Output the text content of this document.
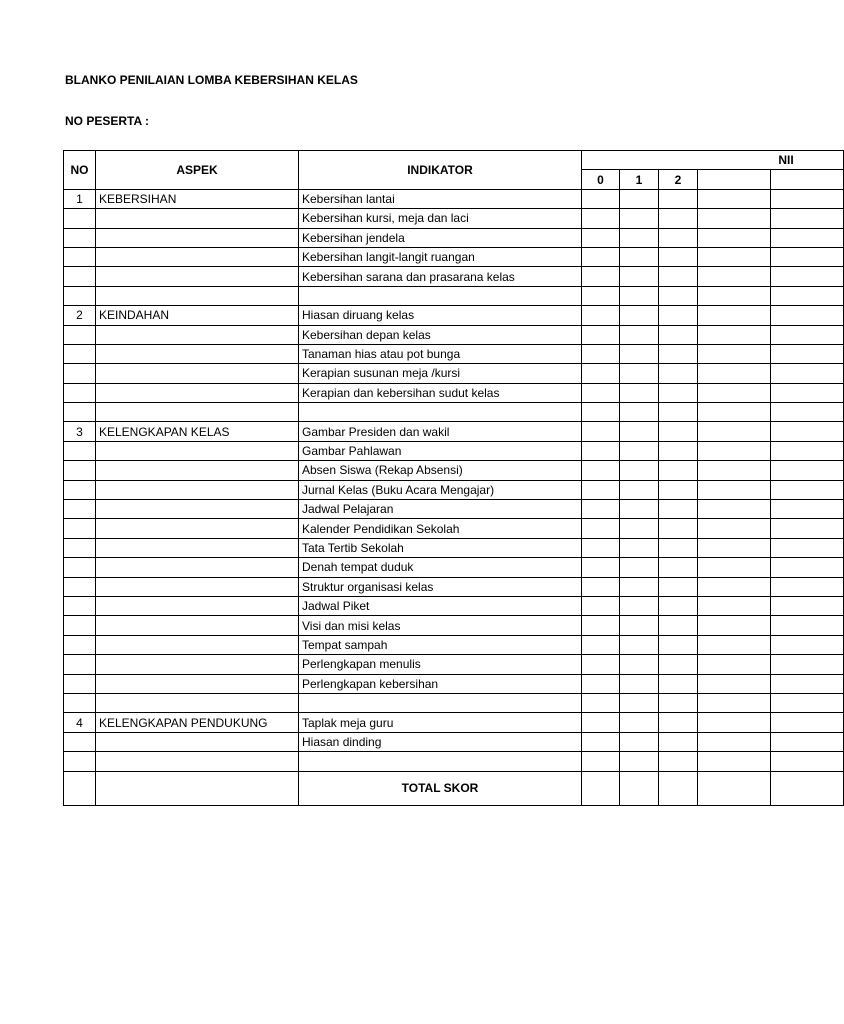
BLANKO PENILAIAN LOMBA KEBERSIHAN KELAS
NO PESERTA :
NO	ASPEK	INDIKATOR	NII				
			0	1	2		
1	KEBERSIHAN	Kebersihan lantai					
		Kebersihan kursi, meja dan laci					
		Kebersihan jendela					
		Kebersihan langit-langit ruangan					
		Kebersihan sarana dan prasarana kelas					

2	KEINDAHAN	Hiasan diruang kelas					
		Kebersihan depan kelas					
		Tanaman hias atau pot bunga					
		Kerapian susunan meja /kursi					
		Kerapian dan kebersihan sudut kelas					

3	KELENGKAPAN KELAS	Gambar Presiden dan wakil					
		Gambar Pahlawan					
		Absen Siswa (Rekap Absensi)					
		Jurnal Kelas (Buku Acara Mengajar)					
		Jadwal Pelajaran					
		Kalender Pendidikan Sekolah					
		Tata Tertib Sekolah					
		Denah tempat duduk					
		Struktur organisasi kelas					
		Jadwal Piket					
		Visi dan misi kelas					
		Tempat sampah					
		Perlengkapan menulis					
		Perlengkapan kebersihan					

4	KELENGKAPAN PENDUKUNG	Taplak meja guru					
		Hiasan dinding					

		TOTAL SKOR					
